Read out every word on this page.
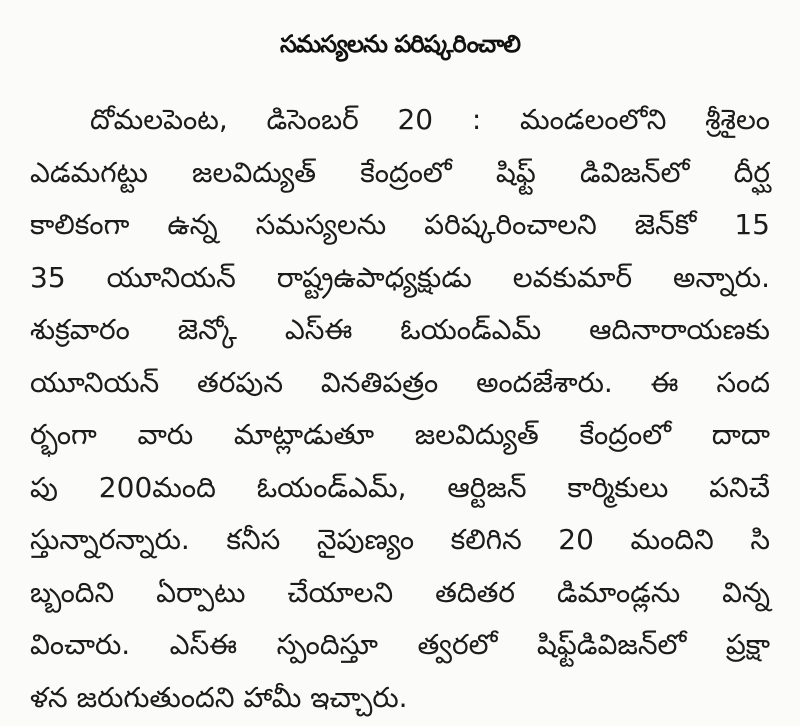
సమస్యలను పరిష్కరించాలి
దోమలపెంట, డిసెంబర్ 20 : మండలంలోని శ్రీశైలం
ఎడమగట్టు జలవిద్యుత్ కేంద్రంలో షిఫ్ట్ డివిజన్‌లో దీర్ఘ
కాలికంగా ఉన్న సమస్యలను పరిష్కరించాలని జెన్‌కో 15
35 యూనియన్ రాష్ట్రఉపాధ్యక్షుడు లవకుమార్ అన్నారు.
శుక్రవారం జెన్కో ఎస్ఈ ఓయండ్‌ఎమ్ ఆదినారాయణకు
యూనియన్ తరపున వినతిపత్రం అందజేశారు. ఈ సంద
ర్భంగా వారు మాట్లాడుతూ జలవిద్యుత్ కేంద్రంలో దాదా
పు 200మంది ఓయండ్‌ఎమ్, ఆర్టిజన్ కార్మికులు పనిచే
స్తున్నారన్నారు. కనీస నైపుణ్యం కలిగిన 20 మందిని సి
బ్బందిని ఏర్పాటు చేయాలని తదితర డిమాండ్లను విన్న
వించారు. ఎస్ఈ స్పందిస్తూ త్వరలో షిఫ్ట్‌డివిజన్‌లో ప్రక్షా
ళన జరుగుతుందని హామీ ఇచ్చారు.
